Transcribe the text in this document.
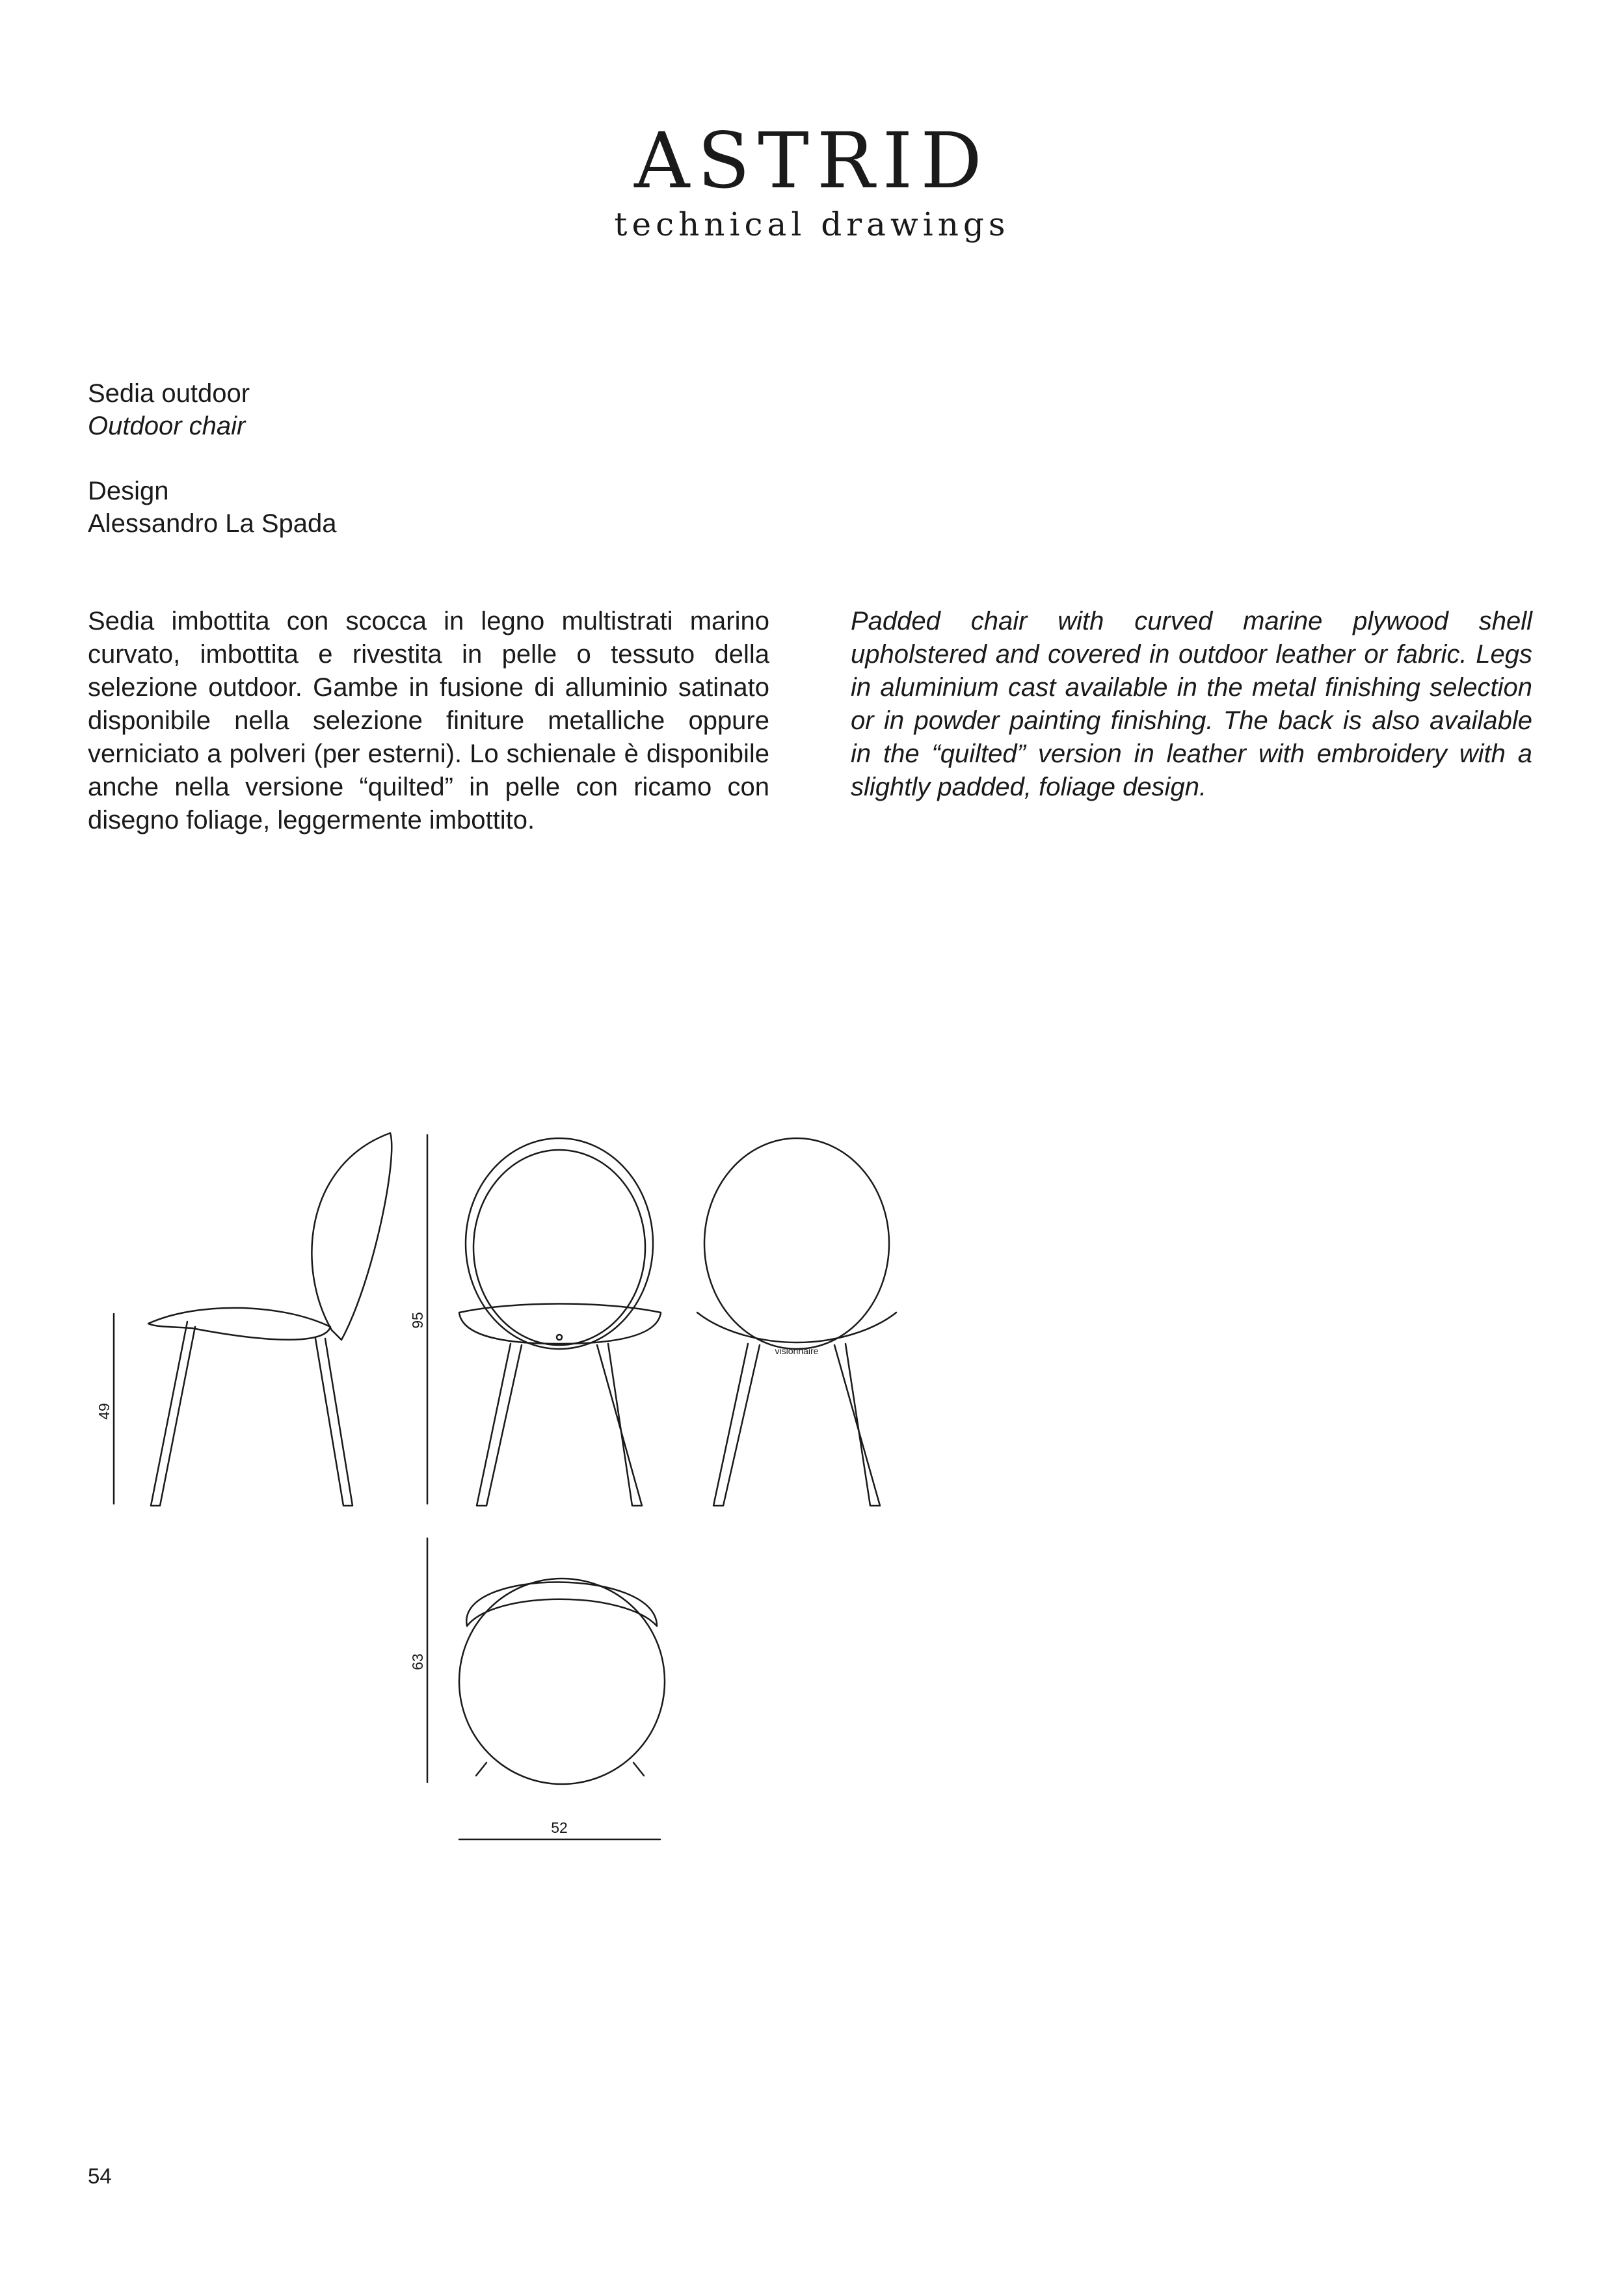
ASTRID
technical drawings
Sedia outdoor
Outdoor chair
Design
Alessandro La Spada

Sedia imbottita con scocca in legno multistrati marino curvato, imbottita e rivestita in pelle o tessuto della selezione outdoor. Gambe in fusione di alluminio satinato disponibile nella selezione finiture metalliche oppure verniciato a polveri (per esterni). Lo schienale è disponibile anche nella versione “quilted” in pelle con ricamo con disegno foliage, leggermente imbottito.

Padded chair with curved marine plywood shell upholstered and covered in outdoor leather or fabric. Legs in aluminium cast available in the metal finishing selection or in powder painting finishing. The back is also available in the “quilted” version in leather with embroidery with a slightly padded, foliage design.

visionnaire
49
95
63
52
54
